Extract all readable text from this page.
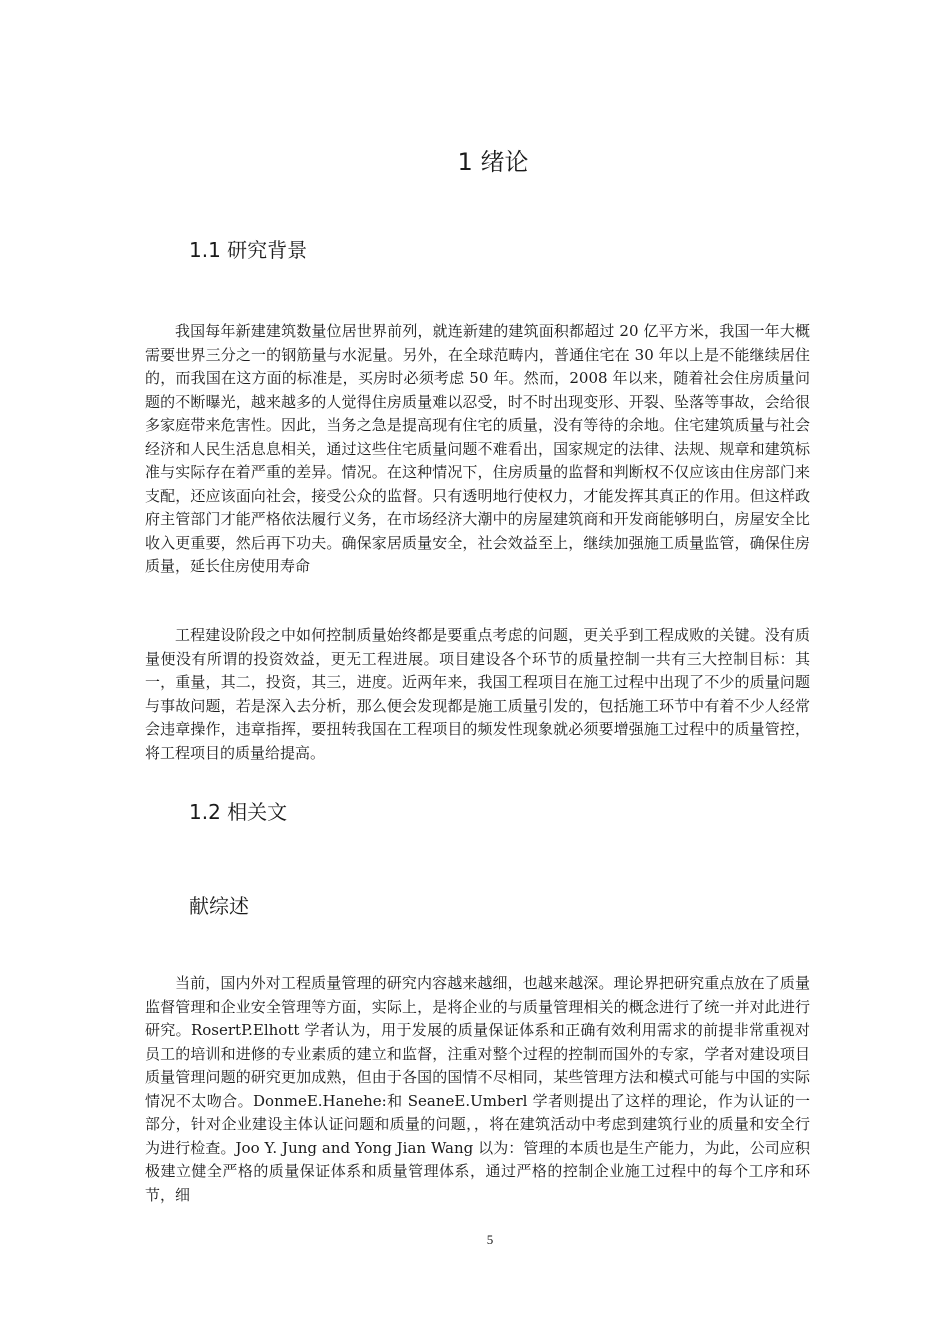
1 绪论
1.1 研究背景

我国每年新建建筑数量位居世界前列，就连新建的建筑面积都超过 20 亿平方米，我国一年大概需要世界三分之一的钢筋量与水泥量。另外，在全球范畴内，普通住宅在 30 年以上是不能继续居住的，而我国在这方面的标准是，买房时必须考虑 50 年。然而，2008 年以来，随着社会住房质量问题的不断曝光，越来越多的人觉得住房质量难以忍受，时不时出现变形、开裂、坠落等事故，会给很多家庭带来危害性。因此，当务之急是提高现有住宅的质量，没有等待的余地。住宅建筑质量与社会经济和人民生活息息相关，通过这些住宅质量问题不难看出，国家规定的法律、法规、规章和建筑标准与实际存在着严重的差异。情况。在这种情况下，住房质量的监督和判断权不仅应该由住房部门来支配，还应该面向社会，接受公众的监督。只有透明地行使权力，才能发挥其真正的作用。但这样政府主管部门才能严格依法履行义务，在市场经济大潮中的房屋建筑商和开发商能够明白，房屋安全比收入更重要，然后再下功夫。确保家居质量安全，社会效益至上，继续加强施工质量监管，确保住房质量，延长住房使用寿命

工程建设阶段之中如何控制质量始终都是要重点考虑的问题，更关乎到工程成败的关键。没有质量便没有所谓的投资效益，更无工程进展。项目建设各个环节的质量控制一共有三大控制目标：其一，重量，其二，投资，其三，进度。近两年来，我国工程项目在施工过程中出现了不少的质量问题与事故问题，若是深入去分析，那么便会发现都是施工质量引发的，包括施工环节中有着不少人经常会违章操作，违章指挥，要扭转我国在工程项目的频发性现象就必须要增强施工过程中的质量管控，将工程项目的质量给提高。

1.2 相关文
献综述

当前，国内外对工程质量管理的研究内容越来越细，也越来越深。理论界把研究重点放在了质量监督管理和企业安全管理等方面，实际上，是将企业的与质量管理相关的概念进行了统一并对此进行研究。RosertP.Elhott 学者认为，用于发展的质量保证体系和正确有效利用需求的前提非常重视对员工的培训和进修的专业素质的建立和监督，注重对整个过程的控制而国外的专家，学者对建设项目质量管理问题的研究更加成熟，但由于各国的国情不尽相同，某些管理方法和模式可能与中国的实际情况不太吻合。DonmeE.Hanehe:和 SeaneE.Umberl 学者则提出了这样的理论，作为认证的一部分，针对企业建设主体认证问题和质量的问题，，将在建筑活动中考虑到建筑行业的质量和安全行为进行检查。Joo Y. Jung and Yong Jian Wang 以为：管理的本质也是生产能力，为此，公司应积极建立健全严格的质量保证体系和质量管理体系，通过严格的控制企业施工过程中的每个工序和环节，细

5
